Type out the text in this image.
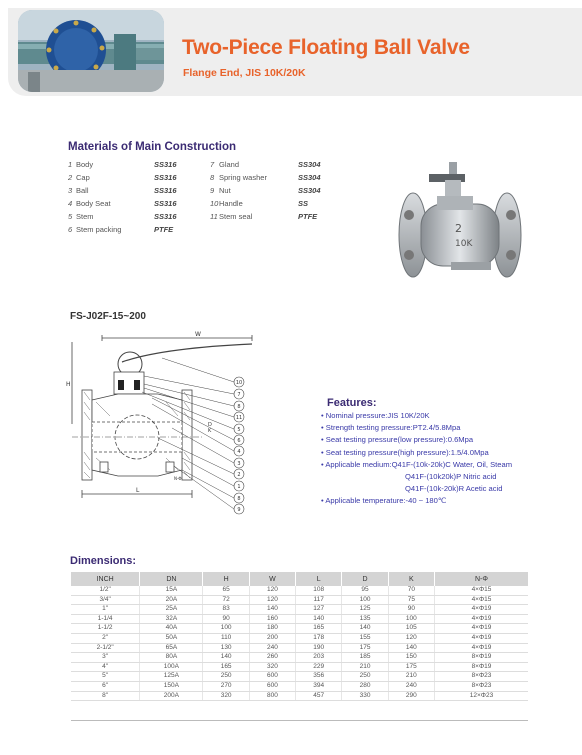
Two-Piece Floating Ball Valve
Flange End, JIS 10K/20K
Materials of Main Construction
1 Body	SS316	7 Gland	SS304
2 Cap	SS316	8 Spring washer	SS304
3 Ball	SS316	9 Nut	SS304
4 Body Seat	SS316	10 Handle	SS
5 Stem	SS316	11 Stem seal	PTFE
6 Stem packing	PTFE	2
10K
FS-J02F-15~200
W
H
D
K
N-Φ
L
10
7
8
11
5
6
4
3
2
1
8
9
Features:
• Nominal pressure:JIS 10K/20K
• Strength testing pressure:PT2.4/5.8Mpa
• Seat testing pressure(low pressure):0.6Mpa
• Seat testing pressure(high pressure):1.5/4.0Mpa
• Applicable medium:Q41F-(10k-20k)C Water, Oil, Steam
Q41F-(10k20k)P Nitric acid
Q41F-(10k-20k)R Acetic acid
• Applicable temperature:-40 ~ 180℃
Dimensions:
INCH	DN	H	W	L	D	K	N-Φ
1/2"	15A	65	120	108	95	70	4×Φ15
3/4"	20A	72	120	117	100	75	4×Φ15
1"	25A	83	140	127	125	90	4×Φ19
1-1/4	32A	90	160	140	135	100	4×Φ19
1-1/2	40A	100	180	165	140	105	4×Φ19
2"	50A	110	200	178	155	120	4×Φ19
2-1/2"	65A	130	240	190	175	140	4×Φ19
3"	80A	140	260	203	185	150	8×Φ19
4"	100A	165	320	229	210	175	8×Φ19
5"	125A	250	600	356	250	210	8×Φ23
6"	150A	270	600	394	280	240	8×Φ23
8"	200A	320	800	457	330	290	12×Φ23
